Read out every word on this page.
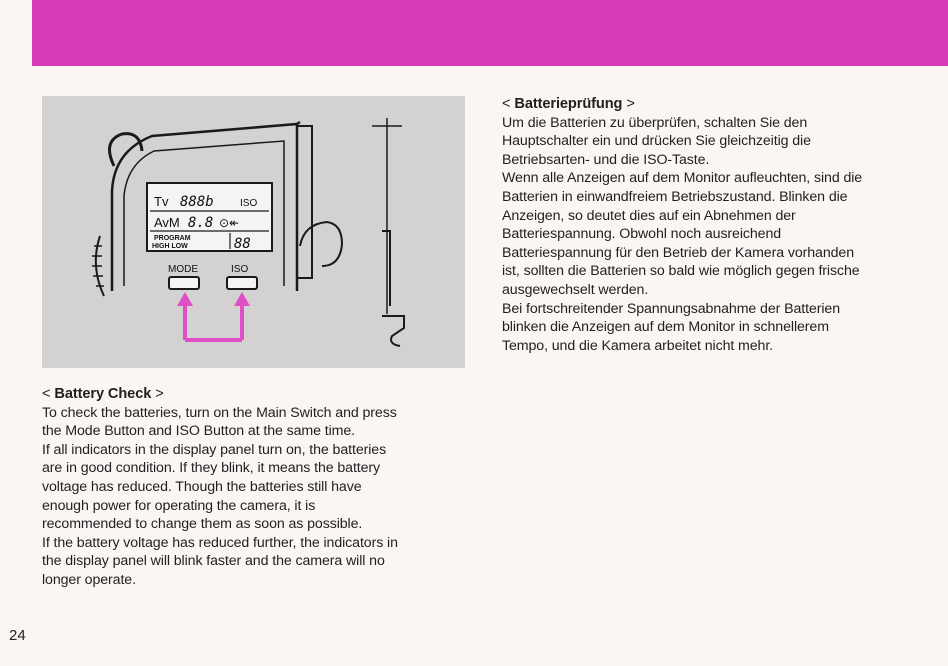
Tv 888b	ISO
AvM 8.8 ⊙↞
PROGRAM
HIGH LOW	88
MODE	ISO

< Batterieprüfung >

Um die Batterien zu überprüfen, schalten Sie den

Hauptschalter ein und drücken Sie gleichzeitig die

Betriebsarten- und die ISO-Taste.

Wenn alle Anzeigen auf dem Monitor aufleuchten, sind die

Batterien in einwandfreiem Betriebszustand. Blinken die

Anzeigen, so deutet dies auf ein Abnehmen der

Batteriespannung. Obwohl noch ausreichend

Batteriespannung für den Betrieb der Kamera vorhanden

ist, sollten die Batterien so bald wie möglich gegen frische

ausgewechselt werden.

Bei fortschreitender Spannungsabnahme der Batterien

blinken die Anzeigen auf dem Monitor in schnellerem

Tempo, und die Kamera arbeitet nicht mehr.

< Battery Check >

To check the batteries, turn on the Main Switch and press

the Mode Button and ISO Button at the same time.

If all indicators in the display panel turn on, the batteries

are in good condition. If they blink, it means the battery

voltage has reduced. Though the batteries still have

enough power for operating the camera, it is

recommended to change them as soon as possible.

If the battery voltage has reduced further, the indicators in

the display panel will blink faster and the camera will no

longer operate.

24
